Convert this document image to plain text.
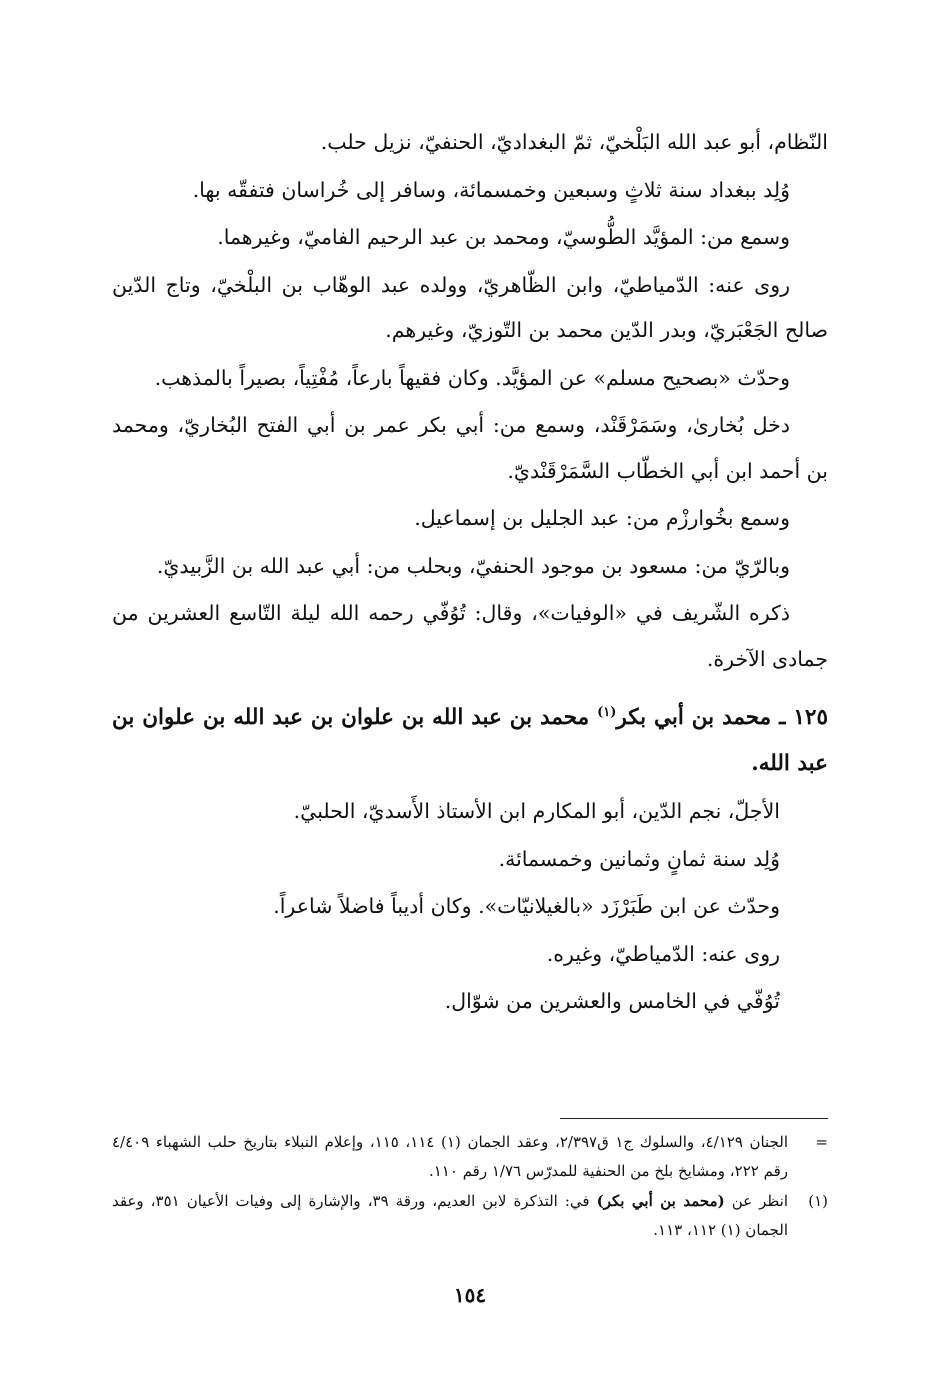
النّظام، أبو عبد الله البَلْخيّ، ثمّ البغداديّ، الحنفيّ، نزيل حلب.

وُلِد ببغداد سنة ثلاثٍ وسبعين وخمسمائة، وسافر إلى خُراسان فتفقّه بها.

وسمع من: المؤيَّد الطُّوسيّ، ومحمد بن عبد الرحيم الفاميّ، وغيرهما.

روى عنه: الدّمياطيّ، وابن الظّاهريّ، وولده عبد الوهّاب بن البلْخيّ، وتاج الدّين صالح الجَعْبَريّ، وبدر الدّين محمد بن التّوزيّ، وغيرهم.

وحدّث «بصحيح مسلم» عن المؤيَّد. وكان فقيهاً بارعاً، مُفْتِياً، بصيراً بالمذهب.

دخل بُخارىٰ، وسَمَرْقَنْد، وسمع من: أبي بكر عمر بن أبي الفتح البُخاريّ، ومحمد بن أحمد ابن أبي الخطّاب السَّمَرْقَنْديّ.

وسمع بخُوارزْم من: عبد الجليل بن إسماعيل.

وبالرّيّ من: مسعود بن موجود الحنفيّ، وبحلب من: أبي عبد الله بن الزَّبيديّ.

ذكره الشّريف في «الوفيات»، وقال: تُوُفّي رحمه الله ليلة التّاسع العشرين من جمادى الآخرة.

١٢٥ ـ محمد بن أبي بكر$^{(١)}$ محمد بن عبد الله بن علوان بن عبد الله بن علوان بن عبد الله.

الأجلّ، نجم الدّين، أبو المكارم ابن الأستاذ الأَسديّ، الحلبيّ.

وُلِد سنة ثمانٍ وثمانين وخمسمائة.

وحدّث عن ابن طَبَرْزَد «بالغيلانيّات». وكان أديباً فاضلاً شاعراً.

روى عنه: الدّمياطيّ، وغيره.

تُوُفّي في الخامس والعشرين من شوّال.

=
الجنان ٤/١٢٩، والسلوك ج١ ق٢/٣٩٧، وعقد الجمان (١) ١١٤، ١١٥، وإعلام النبلاء بتاريخ حلب الشهباء ٤/٤٠٩ رقم ٢٢٢، ومشايخ بلخ من الحنفية للمدرّس ١/٧٦ رقم ١١٠.
(١)
انظر عن (محمد بن أبي بكر) في: التذكرة لابن العديم، ورقة ٣٩، والإشارة إلى وفيات الأعيان ٣٥١، وعقد الجمان (١) ١١٢، ١١٣.
١٥٤
